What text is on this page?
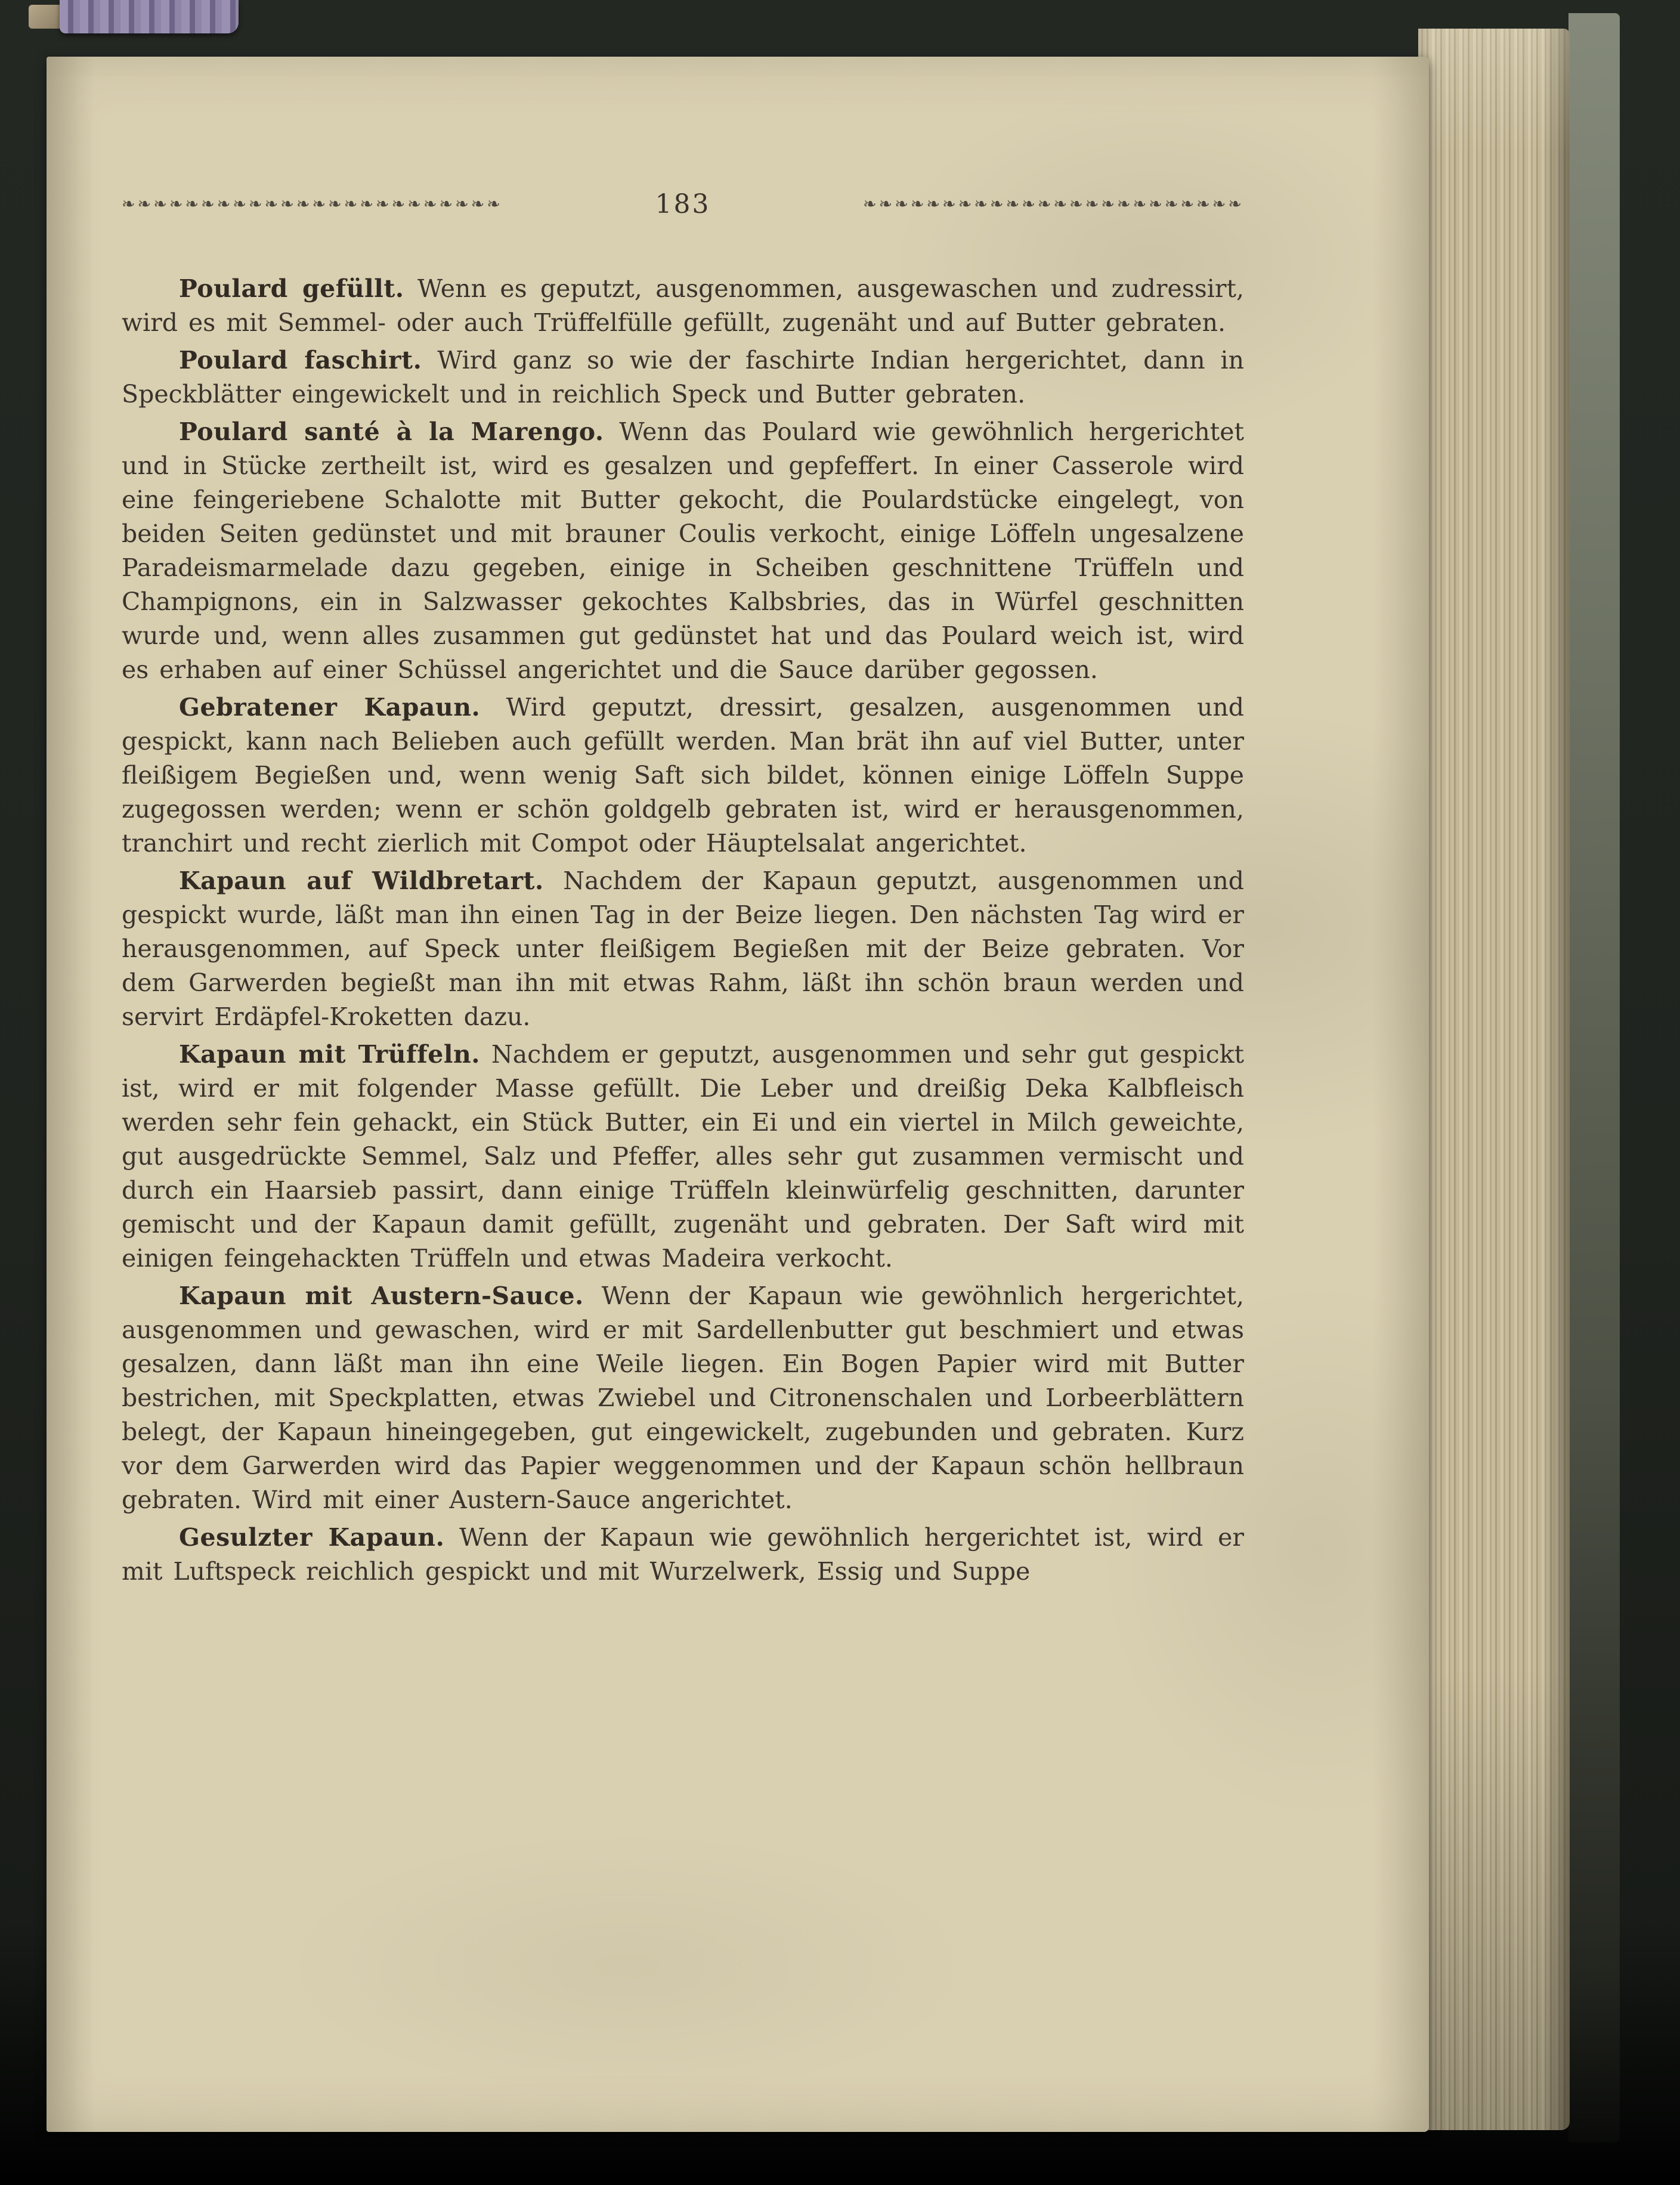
❧❧❧❧❧❧❧❧❧❧❧❧❧❧❧❧❧❧❧❧❧❧❧❧	183	❧❧❧❧❧❧❧❧❧❧❧❧❧❧❧❧❧❧❧❧❧❧❧❧

Poulard gefüllt. Wenn es geputzt, ausgenommen, ausgewaschen und zudressirt, wird es mit Semmel- oder auch Trüffelfülle gefüllt, zugenäht und auf Butter gebraten.

Poulard faschirt. Wird ganz so wie der faschirte Indian hergerichtet, dann in Speckblätter eingewickelt und in reichlich Speck und Butter gebraten.

Poulard santé à la Marengo. Wenn das Poulard wie gewöhnlich hergerichtet und in Stücke zertheilt ist, wird es gesalzen und gepfeffert. In einer Casserole wird eine feingeriebene Schalotte mit Butter gekocht, die Poulardstücke eingelegt, von beiden Seiten gedünstet und mit brauner Coulis verkocht, einige Löffeln ungesalzene Paradeismarmelade dazu gegeben, einige in Scheiben geschnittene Trüffeln und Champignons, ein in Salzwasser gekochtes Kalbsbries, das in Würfel geschnitten wurde und, wenn alles zusammen gut gedünstet hat und das Poulard weich ist, wird es erhaben auf einer Schüssel angerichtet und die Sauce darüber gegossen.

Gebratener Kapaun. Wird geputzt, dressirt, gesalzen, ausgenommen und gespickt, kann nach Belieben auch gefüllt werden. Man brät ihn auf viel Butter, unter fleißigem Begießen und, wenn wenig Saft sich bildet, können einige Löffeln Suppe zugegossen werden; wenn er schön goldgelb gebraten ist, wird er herausgenommen, tranchirt und recht zierlich mit Compot oder Häuptelsalat angerichtet.

Kapaun auf Wildbretart. Nachdem der Kapaun geputzt, ausgenommen und gespickt wurde, läßt man ihn einen Tag in der Beize liegen. Den nächsten Tag wird er herausgenommen, auf Speck unter fleißigem Begießen mit der Beize gebraten. Vor dem Garwerden begießt man ihn mit etwas Rahm, läßt ihn schön braun werden und servirt Erdäpfel-Kroketten dazu.

Kapaun mit Trüffeln. Nachdem er geputzt, ausgenommen und sehr gut gespickt ist, wird er mit folgender Masse gefüllt. Die Leber und dreißig Deka Kalbfleisch werden sehr fein gehackt, ein Stück Butter, ein Ei und ein viertel in Milch geweichte, gut ausgedrückte Semmel, Salz und Pfeffer, alles sehr gut zusammen vermischt und durch ein Haarsieb passirt, dann einige Trüffeln kleinwürfelig geschnitten, darunter gemischt und der Kapaun damit gefüllt, zugenäht und gebraten. Der Saft wird mit einigen feingehackten Trüffeln und etwas Madeira verkocht.

Kapaun mit Austern-Sauce. Wenn der Kapaun wie gewöhnlich hergerichtet, ausgenommen und gewaschen, wird er mit Sardellenbutter gut beschmiert und etwas gesalzen, dann läßt man ihn eine Weile liegen. Ein Bogen Papier wird mit Butter bestrichen, mit Speckplatten, etwas Zwiebel und Citronenschalen und Lorbeerblättern belegt, der Kapaun hineingegeben, gut eingewickelt, zugebunden und gebraten. Kurz vor dem Garwerden wird das Papier weggenommen und der Kapaun schön hellbraun gebraten. Wird mit einer Austern-Sauce angerichtet.

Gesulzter Kapaun. Wenn der Kapaun wie gewöhnlich hergerichtet ist, wird er mit Luftspeck reichlich gespickt und mit Wurzelwerk, Essig und Suppe
